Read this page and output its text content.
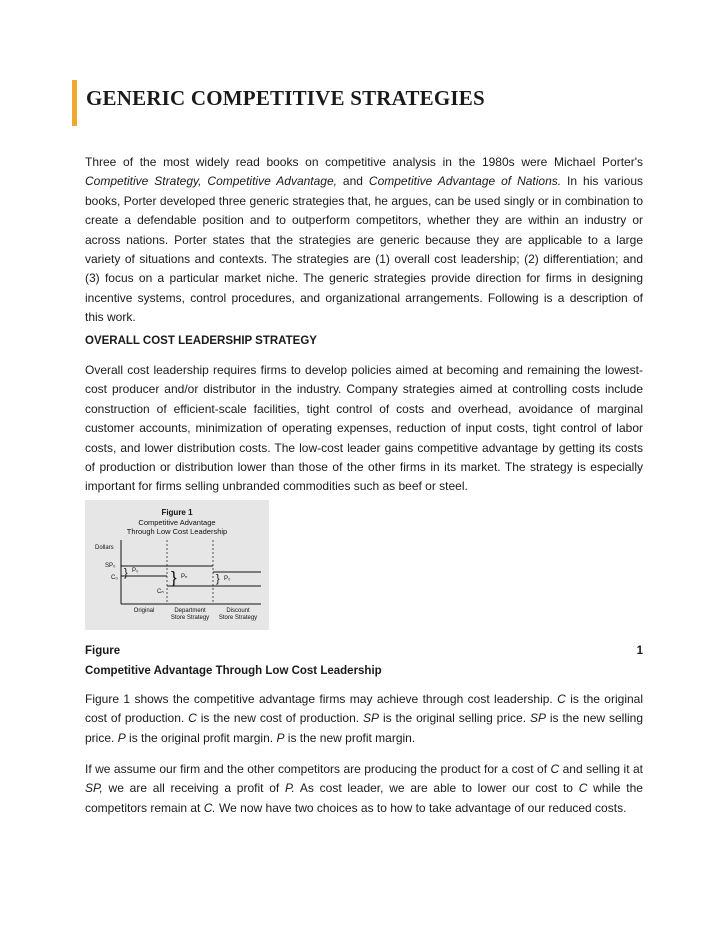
GENERIC COMPETITIVE STRATEGIES

Three of the most widely read books on competitive analysis in the 1980s were Michael Porter's Competitive Strategy, Competitive Advantage, and Competitive Advantage of Nations. In his various books, Porter developed three generic strategies that, he argues, can be used singly or in combination to create a defendable position and to outperform competitors, whether they are within an industry or across nations. Porter states that the strategies are generic because they are applicable to a large variety of situations and contexts. The strategies are (1) overall cost leadership; (2) differentiation; and (3) focus on a particular market niche. The generic strategies provide direction for firms in designing incentive systems, control procedures, and organizational arrangements. Following is a description of this work.

OVERALL COST LEADERSHIP STRATEGY

Overall cost leadership requires firms to develop policies aimed at becoming and remaining the lowest-cost producer and/or distributor in the industry. Company strategies aimed at controlling costs include construction of efficient-scale facilities, tight control of costs and overhead, avoidance of marginal customer accounts, minimization of operating expenses, reduction of input costs, tight control of labor costs, and lower distribution costs. The low-cost leader gains competitive advantage by getting its costs of production or distribution lower than those of the other firms in its market. The strategy is especially important for firms selling unbranded commodities such as beef or steel.

Figure 1
Competitive Advantage
Through Low Cost Leadership
Dollars
SP₀
C₀
Cₙ
} P₀ } Pₙ	} P₀
Original	Department
Store Strategy
Discount
Store Strategy
Figure	1
Competitive Advantage Through Low Cost Leadership

Figure 1 shows the competitive advantage firms may achieve through cost leadership. C is the original cost of production. C is the new cost of production. SP is the original selling price. SP is the new selling price. P is the original profit margin. P is the new profit margin.

If we assume our firm and the other competitors are producing the product for a cost of C and selling it at SP, we are all receiving a profit of P. As cost leader, we are able to lower our cost to C while the competitors remain at C. We now have two choices as to how to take advantage of our reduced costs.
